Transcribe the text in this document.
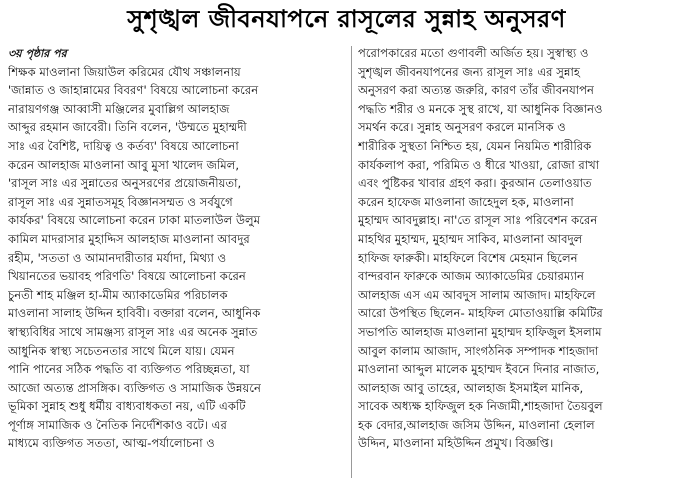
সুশৃঙ্খল জীবনযাপনে রাসূলের সুন্নাহ অনুসরণ
৩য় পৃষ্ঠার পর
শিক্ষক মাওলানা জিয়াউল করিমের যৌথ সঞ্চালনায়
'জান্নাত ও জাহান্নামের বিবরণ' বিষয়ে আলোচনা করেন
নারায়ণগঞ্জ আব্বাসী মঞ্জিলের মুবাল্লিগ আলহাজ
আব্দুর রহমান জাবেরী। তিনি বলেন, 'উম্মতে মুহাম্মদী
সাঃ এর বৈশিষ্ট, দায়িত্ব ও কর্তব্য' বিষয়ে আলোচনা
করেন আলহাজ মাওলানা আবু মুসা খালেদ জমিল,
'রাসূল সাঃ এর সুন্নাতের অনুসরণের প্রয়োজনীয়তা,
রাসূল সাঃ এর সুন্নাতসমূহ বিজ্ঞানসম্মত ও সর্বযুগে
কার্যকর' বিষয়ে আলোচনা করেন ঢাকা মাতলাউল উলুম
কামিল মাদরাসার মুহাদ্দিস আলহাজ মাওলানা আবদুর
রহীম, 'সততা ও আমানদারীতার মর্যাদা, মিথ্যা ও
খিয়ানতের ভয়াবহ পরিণতি' বিষয়ে আলোচনা করেন
চুনতী শাহ মঞ্জিল হা-মীম অ্যাকাডেমির পরিচালক
মাওলানা সালাহ উদ্দিন হাবিবী। বক্তারা বলেন, আধুনিক
স্বাস্থ্যবিধির সাথে সামঞ্জস্য রাসূল সাঃ এর অনেক সুন্নাত
আধুনিক স্বাস্থ্য সচেতনতার সাথে মিলে যায়। যেমন
পানি পানের সঠিক পদ্ধতি বা ব্যক্তিগত পরিচ্ছন্নতা, যা
আজো অত্যন্ত প্রাসঙ্গিক। ব্যক্তিগত ও সামাজিক উন্নয়নে
ভূমিকা সুন্নাহ শুধু ধর্মীয় বাধ্যবাধকতা নয়, এটি একটি
পূর্ণাঙ্গ সামাজিক ও নৈতিক নির্দেশিকাও বটে। এর
মাধ্যমে ব্যক্তিগত সততা, আত্ম-পর্যালোচনা ও
পরোপকারের মতো গুণাবলী অর্জিত হয়। সুস্বাস্থ্য ও
সুশৃঙ্খল জীবনযাপনের জন্য রাসূল সাঃ এর সুন্নাহ
অনুসরণ করা অত্যন্ত জরুরি, কারণ তাঁর জীবনযাপন
পদ্ধতি শরীর ও মনকে সুস্থ রাখে, যা আধুনিক বিজ্ঞানও
সমর্থন করে। সুন্নাহ অনুসরণ করলে মানসিক ও
শারীরিক সুস্থতা নিশ্চিত হয়, যেমন নিয়মিত শারীরিক
কার্যকলাপ করা, পরিমিত ও ধীরে খাওয়া, রোজা রাখা
এবং পুষ্টিকর খাবার গ্রহণ করা। কুরআন তেলাওয়াত
করেন হাফেজ মাওলানা জাহেদুল হক, মাওলানা
মুহাম্মদ আবদুল্লাহ। না'তে রাসূল সাঃ পরিবেশন করেন
মাহথির মুহাম্মদ, মুহাম্মদ সাকিব, মাওলানা আবদুল
হাফিজ ফারুকী। মাহফিলে বিশেষ মেহমান ছিলেন
বান্দরবান ফারুকে আজম অ্যাকাডেমির চেয়ারম্যান
আলহাজ এস এম আবদুস সালাম আজাদ। মাহফিলে
আরো উপস্থিত ছিলেন- মাহফিল মোতাওয়াল্লি কমিটির
সভাপতি আলহাজ মাওলানা মুহাম্মদ হাফিজুল ইসলাম
আবুল কালাম আজাদ, সাংগঠনিক সম্পাদক শাহজাদা
মাওলানা আব্দুল মালেক মুহাম্মদ ইবনে দিনার নাজাত,
আলহাজ আবু তাহের, আলহাজ ইসমাইল মানিক,
সাবেক অধ্যক্ষ হাফিজুল হক নিজামী,শাহজাদা তৈয়বুল
হক বেদার,আলহাজ জসিম উদ্দিন, মাওলানা হেলাল
উদ্দিন, মাওলানা মহিউদ্দিন প্রমুখ। বিজ্ঞপ্তি।
